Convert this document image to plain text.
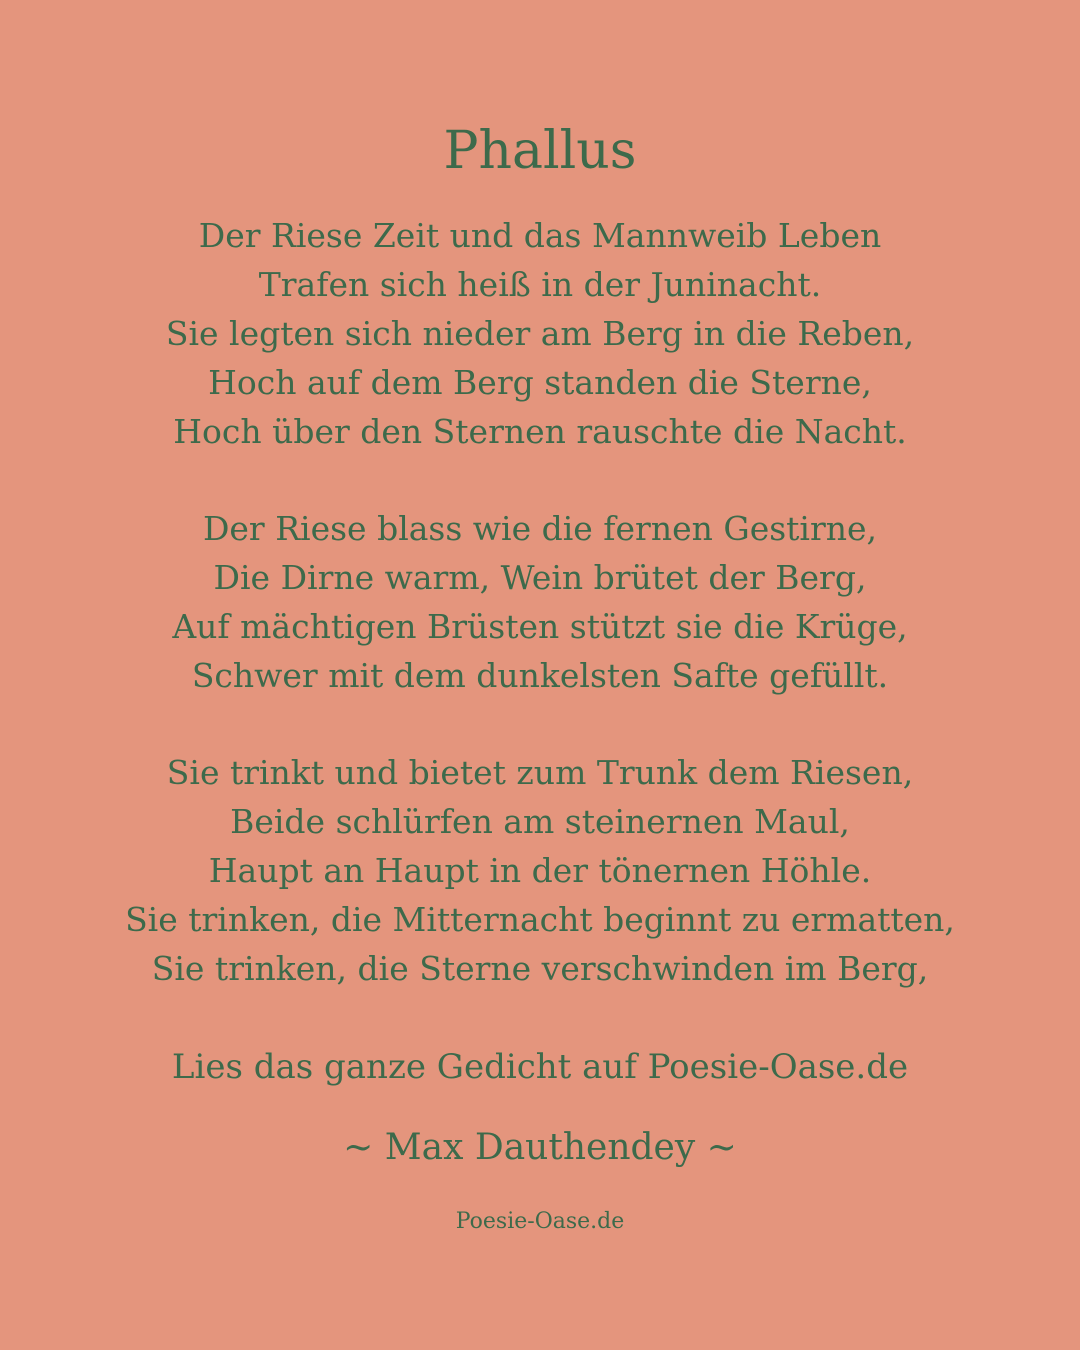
Phallus
Der Riese Zeit und das Mannweib Leben
Trafen sich heiß in der Juninacht.
Sie legten sich nieder am Berg in die Reben,
Hoch auf dem Berg standen die Sterne,
Hoch über den Sternen rauschte die Nacht.
Der Riese blass wie die fernen Gestirne,
Die Dirne warm, Wein brütet der Berg,
Auf mächtigen Brüsten stützt sie die Krüge,
Schwer mit dem dunkelsten Safte gefüllt.
Sie trinkt und bietet zum Trunk dem Riesen,
Beide schlürfen am steinernen Maul,
Haupt an Haupt in der tönernen Höhle.
Sie trinken, die Mitternacht beginnt zu ermatten,
Sie trinken, die Sterne verschwinden im Berg,
Lies das ganze Gedicht auf Poesie-Oase.de
~ Max Dauthendey ~
Poesie-Oase.de
